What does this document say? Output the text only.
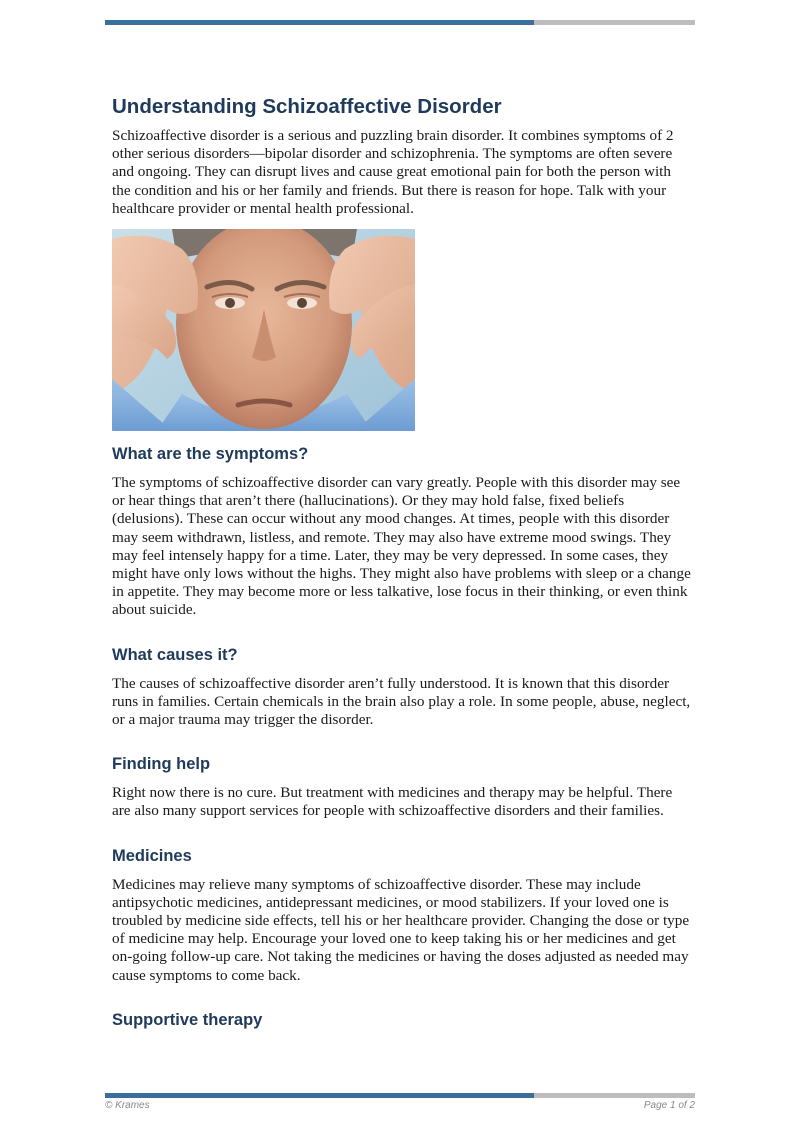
Understanding Schizoaffective Disorder

Schizoaffective disorder is a serious and puzzling brain disorder. It combines symptoms of 2 other serious disorders—bipolar disorder and schizophrenia. The symptoms are often severe and ongoing. They can disrupt lives and cause great emotional pain for both the person with the condition and his or her family and friends. But there is reason for hope. Talk with your healthcare provider or mental health professional.

What are the symptoms?

The symptoms of schizoaffective disorder can vary greatly. People with this disorder may see or hear things that aren’t there (hallucinations). Or they may hold false, fixed beliefs (delusions). These can occur without any mood changes. At times, people with this disorder may seem withdrawn, listless, and remote. They may also have extreme mood swings. They may feel intensely happy for a time. Later, they may be very depressed. In some cases, they might have only lows without the highs. They might also have problems with sleep or a change in appetite. They may become more or less talkative, lose focus in their thinking, or even think about suicide.

What causes it?

The causes of schizoaffective disorder aren’t fully understood. It is known that this disorder runs in families. Certain chemicals in the brain also play a role. In some people, abuse, neglect, or a major trauma may trigger the disorder.

Finding help

Right now there is no cure. But treatment with medicines and therapy may be helpful. There are also many support services for people with schizoaffective disorders and their families.

Medicines

Medicines may relieve many symptoms of schizoaffective disorder. These may include antipsychotic medicines, antidepressant medicines, or mood stabilizers. If your loved one is troubled by medicine side effects, tell his or her healthcare provider. Changing the dose or type of medicine may help. Encourage your loved one to keep taking his or her medicines and get on-going follow-up care. Not taking the medicines or having the doses adjusted as needed may cause symptoms to come back.

Supportive therapy
© Krames	Page 1 of 2
